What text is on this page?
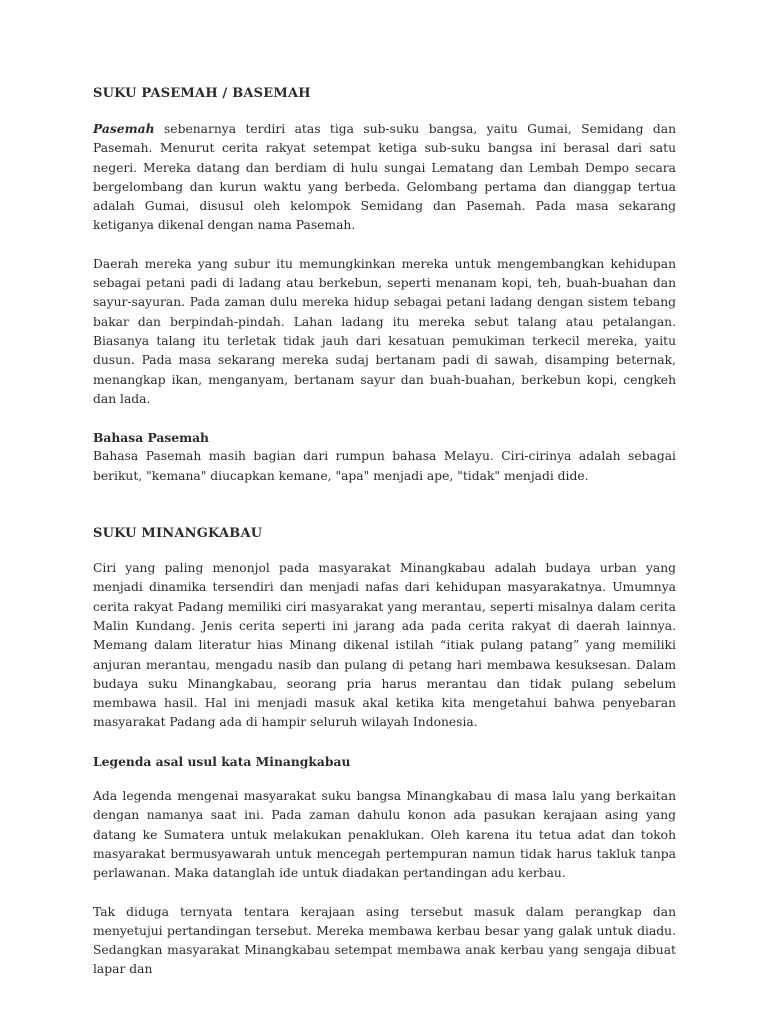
SUKU PASEMAH / BASEMAH

Pasemah sebenarnya terdiri atas tiga sub-suku bangsa, yaitu Gumai, Semidang dan Pasemah. Menurut cerita rakyat setempat ketiga sub-suku bangsa ini berasal dari satu negeri. Mereka datang dan berdiam di hulu sungai Lematang dan Lembah Dempo secara bergelombang dan kurun waktu yang berbeda. Gelombang pertama dan dianggap tertua adalah Gumai, disusul oleh kelompok Semidang dan Pasemah. Pada masa sekarang ketiganya dikenal dengan nama Pasemah.

Daerah mereka yang subur itu memungkinkan mereka untuk mengembangkan kehidupan sebagai petani padi di ladang atau berkebun, seperti menanam kopi, teh, buah-buahan dan sayur-sayuran. Pada zaman dulu mereka hidup sebagai petani ladang dengan sistem tebang bakar dan berpindah-pindah. Lahan ladang itu mereka sebut talang atau petalangan. Biasanya talang itu terletak tidak jauh dari kesatuan pemukiman terkecil mereka, yaitu dusun. Pada masa sekarang mereka sudaj bertanam padi di sawah, disamping beternak, menangkap ikan, menganyam, bertanam sayur dan buah-buahan, berkebun kopi, cengkeh dan lada.

Bahasa Pasemah

Bahasa Pasemah masih bagian dari rumpun bahasa Melayu. Ciri-cirinya adalah sebagai berikut, "kemana" diucapkan kemane, "apa" menjadi ape, "tidak" menjadi dide.

SUKU MINANGKABAU

Ciri yang paling menonjol pada masyarakat Minangkabau adalah budaya urban yang menjadi dinamika tersendiri dan menjadi nafas dari kehidupan masyarakatnya. Umumnya cerita rakyat Padang memiliki ciri masyarakat yang merantau, seperti misalnya dalam cerita Malin Kundang. Jenis cerita seperti ini jarang ada pada cerita rakyat di daerah lainnya. Memang dalam literatur hias Minang dikenal istilah “itiak pulang patang” yang memiliki anjuran merantau, mengadu nasib dan pulang di petang hari membawa kesuksesan. Dalam budaya suku Minangkabau, seorang pria harus merantau dan tidak pulang sebelum membawa hasil. Hal ini menjadi masuk akal ketika kita mengetahui bahwa penyebaran masyarakat Padang ada di hampir seluruh wilayah Indonesia.

Legenda asal usul kata Minangkabau

Ada legenda mengenai masyarakat suku bangsa Minangkabau di masa lalu yang berkaitan dengan namanya saat ini. Pada zaman dahulu konon ada pasukan kerajaan asing yang datang ke Sumatera untuk melakukan penaklukan. Oleh karena itu tetua adat dan tokoh masyarakat bermusyawarah untuk mencegah pertempuran namun tidak harus takluk tanpa perlawanan. Maka datanglah ide untuk diadakan pertandingan adu kerbau.

Tak diduga ternyata tentara kerajaan asing tersebut masuk dalam perangkap dan menyetujui pertandingan tersebut. Mereka membawa kerbau besar yang galak untuk diadu. Sedangkan masyarakat Minangkabau setempat membawa anak kerbau yang sengaja dibuat lapar dan
